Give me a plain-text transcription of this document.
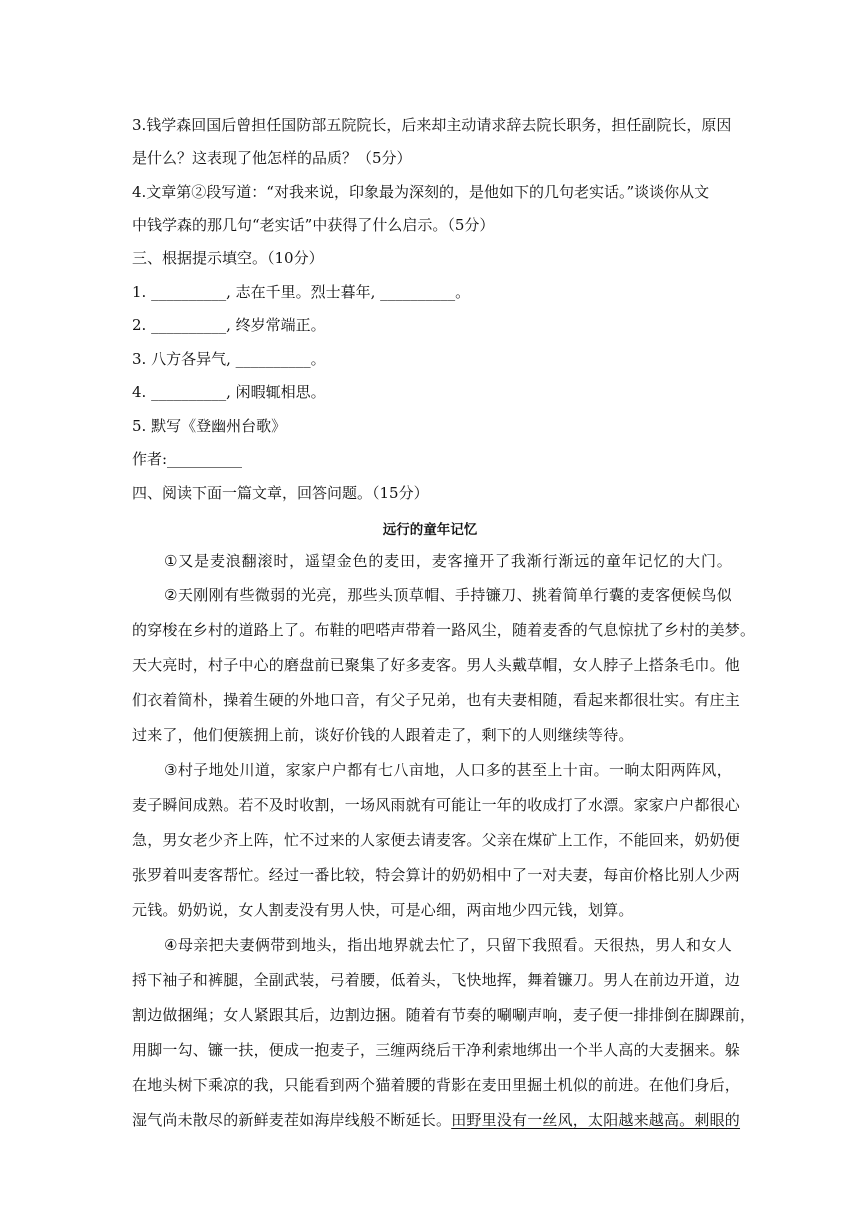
3.钱学森回国后曾担任国防部五院院长，后来却主动请求辞去院长职务，担任副院长，原因
是什么？这表现了他怎样的品质？（5分）
4.文章第②段写道：“对我来说，印象最为深刻的，是他如下的几句老实话。”谈谈你从文
中钱学森的那几句“老实话”中获得了什么启示。（5分）
三、根据提示填空。（10分）
1. __________, 志在千里。烈士暮年, __________。
2. __________, 终岁常端正。
3. 八方各异气, __________。
4. __________, 闲暇辄相思。
5. 默写《登幽州台歌》
作者:__________
四、阅读下面一篇文章，回答问题。（15分）
远行的童年记忆
①又是麦浪翻滚时，遥望金色的麦田，麦客撞开了我渐行渐远的童年记忆的大门。
②天刚刚有些微弱的光亮，那些头顶草帽、手持镰刀、挑着简单行囊的麦客便候鸟似
的穿梭在乡村的道路上了。布鞋的吧嗒声带着一路风尘，随着麦香的气息惊扰了乡村的美梦。
天大亮时，村子中心的磨盘前已聚集了好多麦客。男人头戴草帽，女人脖子上搭条毛巾。他
们衣着简朴，操着生硬的外地口音，有父子兄弟，也有夫妻相随，看起来都很壮实。有庄主
过来了，他们便簇拥上前，谈好价钱的人跟着走了，剩下的人则继续等待。
③村子地处川道，家家户户都有七八亩地，人口多的甚至上十亩。一晌太阳两阵风，
麦子瞬间成熟。若不及时收割，一场风雨就有可能让一年的收成打了水漂。家家户户都很心
急，男女老少齐上阵，忙不过来的人家便去请麦客。父亲在煤矿上工作，不能回来，奶奶便
张罗着叫麦客帮忙。经过一番比较，特会算计的奶奶相中了一对夫妻，每亩价格比别人少两
元钱。奶奶说，女人割麦没有男人快，可是心细，两亩地少四元钱，划算。
④母亲把夫妻俩带到地头，指出地界就去忙了，只留下我照看。天很热，男人和女人
捋下袖子和裤腿，全副武装，弓着腰，低着头，飞快地挥，舞着镰刀。男人在前边开道，边
割边做捆绳；女人紧跟其后，边割边捆。随着有节奏的唰唰声响，麦子便一排排倒在脚踝前，
用脚一勾、镰一扶，便成一抱麦子，三缠两绕后干净利索地绑出一个半人高的大麦捆来。躲
在地头树下乘凉的我，只能看到两个猫着腰的背影在麦田里掘土机似的前进。在他们身后，
湿气尚未散尽的新鲜麦茬如海岸线般不断延长。田野里没有一丝风，太阳越来越高。刺眼的
